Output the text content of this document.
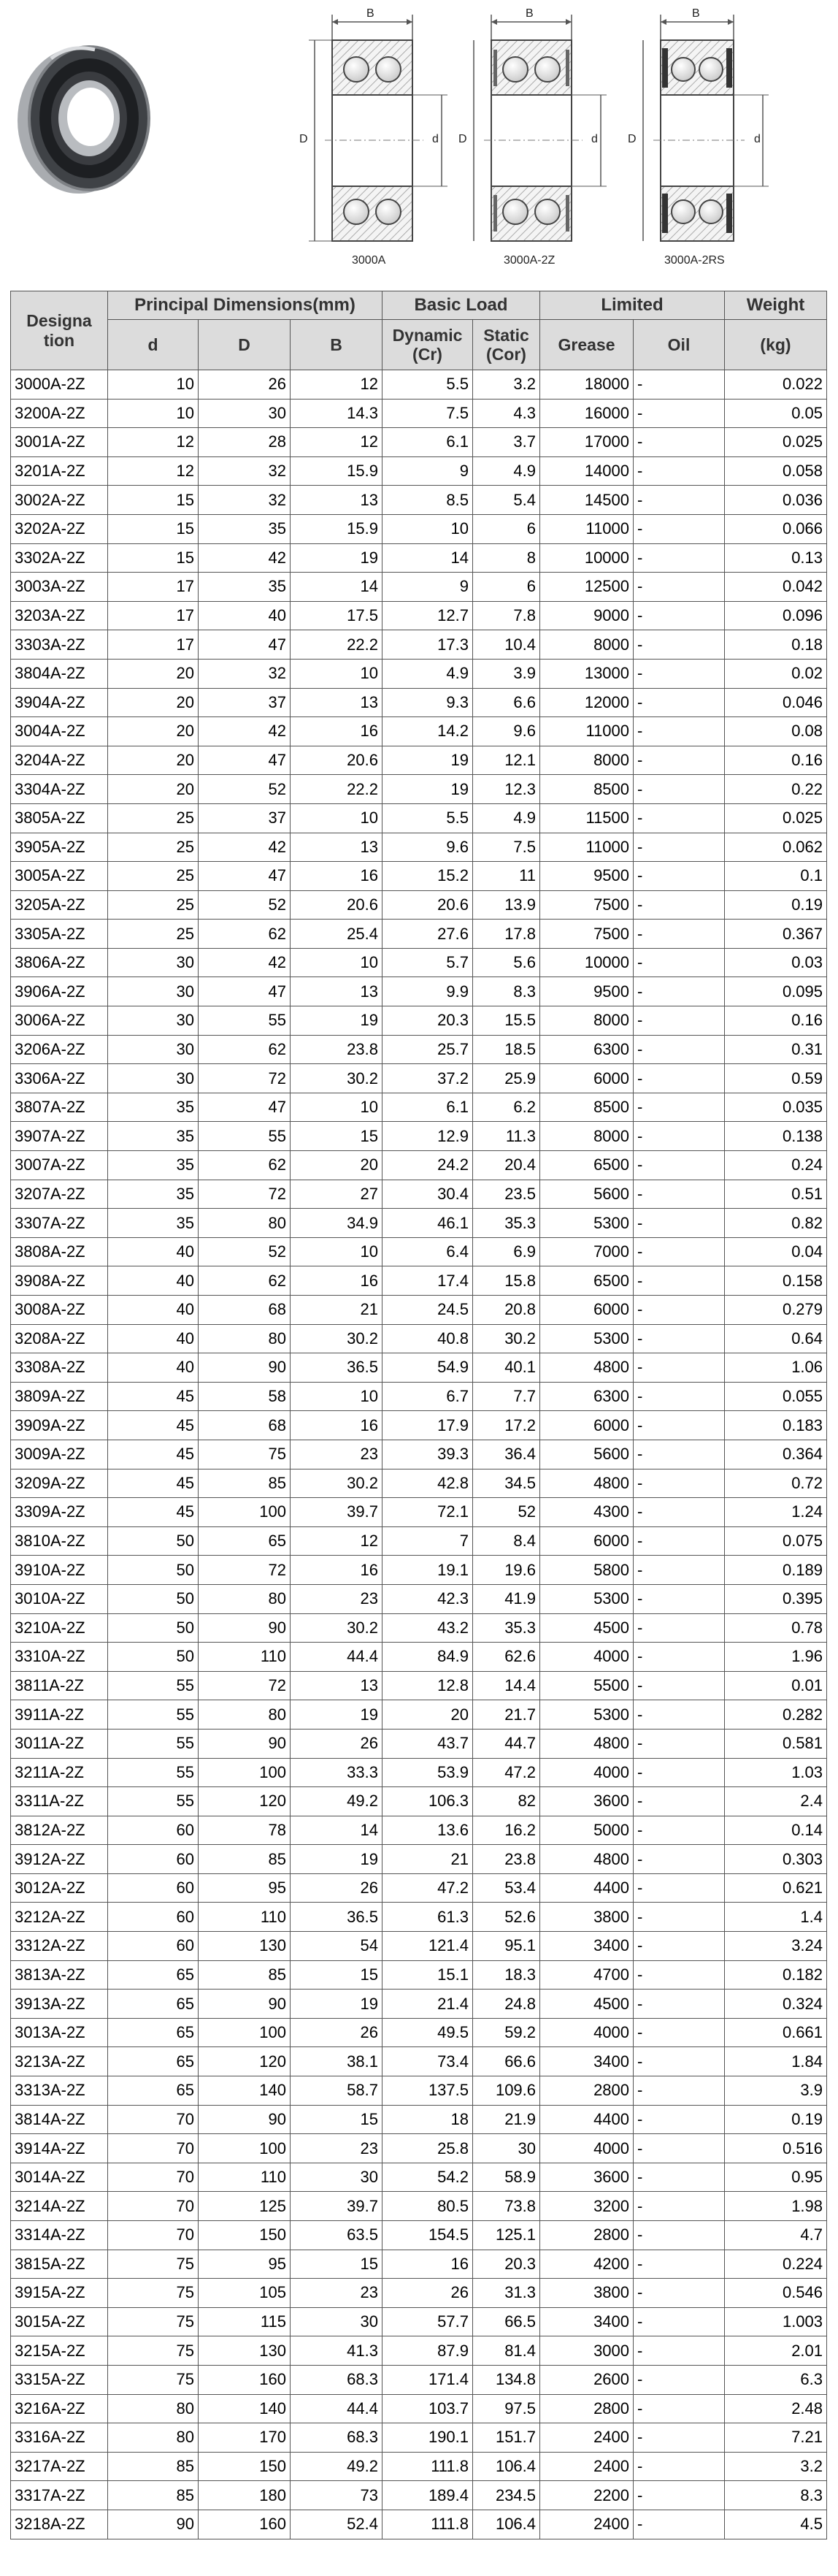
B
D	d
B
D	d
B
D	d
3000A	3000A-2Z	3000A-2RS
Designa tion	Principal Dimensions(mm)			Basic Load		Limited		Weight
	d	D	B	Dynamic (Cr)	Static (Cor)	Grease	Oil	(kg)
3000A-2Z	10	26	12	5.5	3.2	18000	-	0.022
3200A-2Z	10	30	14.3	7.5	4.3	16000	-	0.05
3001A-2Z	12	28	12	6.1	3.7	17000	-	0.025
3201A-2Z	12	32	15.9	9	4.9	14000	-	0.058
3002A-2Z	15	32	13	8.5	5.4	14500	-	0.036
3202A-2Z	15	35	15.9	10	6	11000	-	0.066
3302A-2Z	15	42	19	14	8	10000	-	0.13
3003A-2Z	17	35	14	9	6	12500	-	0.042
3203A-2Z	17	40	17.5	12.7	7.8	9000	-	0.096
3303A-2Z	17	47	22.2	17.3	10.4	8000	-	0.18
3804A-2Z	20	32	10	4.9	3.9	13000	-	0.02
3904A-2Z	20	37	13	9.3	6.6	12000	-	0.046
3004A-2Z	20	42	16	14.2	9.6	11000	-	0.08
3204A-2Z	20	47	20.6	19	12.1	8000	-	0.16
3304A-2Z	20	52	22.2	19	12.3	8500	-	0.22
3805A-2Z	25	37	10	5.5	4.9	11500	-	0.025
3905A-2Z	25	42	13	9.6	7.5	11000	-	0.062
3005A-2Z	25	47	16	15.2	11	9500	-	0.1
3205A-2Z	25	52	20.6	20.6	13.9	7500	-	0.19
3305A-2Z	25	62	25.4	27.6	17.8	7500	-	0.367
3806A-2Z	30	42	10	5.7	5.6	10000	-	0.03
3906A-2Z	30	47	13	9.9	8.3	9500	-	0.095
3006A-2Z	30	55	19	20.3	15.5	8000	-	0.16
3206A-2Z	30	62	23.8	25.7	18.5	6300	-	0.31
3306A-2Z	30	72	30.2	37.2	25.9	6000	-	0.59
3807A-2Z	35	47	10	6.1	6.2	8500	-	0.035
3907A-2Z	35	55	15	12.9	11.3	8000	-	0.138
3007A-2Z	35	62	20	24.2	20.4	6500	-	0.24
3207A-2Z	35	72	27	30.4	23.5	5600	-	0.51
3307A-2Z	35	80	34.9	46.1	35.3	5300	-	0.82
3808A-2Z	40	52	10	6.4	6.9	7000	-	0.04
3908A-2Z	40	62	16	17.4	15.8	6500	-	0.158
3008A-2Z	40	68	21	24.5	20.8	6000	-	0.279
3208A-2Z	40	80	30.2	40.8	30.2	5300	-	0.64
3308A-2Z	40	90	36.5	54.9	40.1	4800	-	1.06
3809A-2Z	45	58	10	6.7	7.7	6300	-	0.055
3909A-2Z	45	68	16	17.9	17.2	6000	-	0.183
3009A-2Z	45	75	23	39.3	36.4	5600	-	0.364
3209A-2Z	45	85	30.2	42.8	34.5	4800	-	0.72
3309A-2Z	45	100	39.7	72.1	52	4300	-	1.24
3810A-2Z	50	65	12	7	8.4	6000	-	0.075
3910A-2Z	50	72	16	19.1	19.6	5800	-	0.189
3010A-2Z	50	80	23	42.3	41.9	5300	-	0.395
3210A-2Z	50	90	30.2	43.2	35.3	4500	-	0.78
3310A-2Z	50	110	44.4	84.9	62.6	4000	-	1.96
3811A-2Z	55	72	13	12.8	14.4	5500	-	0.01
3911A-2Z	55	80	19	20	21.7	5300	-	0.282
3011A-2Z	55	90	26	43.7	44.7	4800	-	0.581
3211A-2Z	55	100	33.3	53.9	47.2	4000	-	1.03
3311A-2Z	55	120	49.2	106.3	82	3600	-	2.4
3812A-2Z	60	78	14	13.6	16.2	5000	-	0.14
3912A-2Z	60	85	19	21	23.8	4800	-	0.303
3012A-2Z	60	95	26	47.2	53.4	4400	-	0.621
3212A-2Z	60	110	36.5	61.3	52.6	3800	-	1.4
3312A-2Z	60	130	54	121.4	95.1	3400	-	3.24
3813A-2Z	65	85	15	15.1	18.3	4700	-	0.182
3913A-2Z	65	90	19	21.4	24.8	4500	-	0.324
3013A-2Z	65	100	26	49.5	59.2	4000	-	0.661
3213A-2Z	65	120	38.1	73.4	66.6	3400	-	1.84
3313A-2Z	65	140	58.7	137.5	109.6	2800	-	3.9
3814A-2Z	70	90	15	18	21.9	4400	-	0.19
3914A-2Z	70	100	23	25.8	30	4000	-	0.516
3014A-2Z	70	110	30	54.2	58.9	3600	-	0.95
3214A-2Z	70	125	39.7	80.5	73.8	3200	-	1.98
3314A-2Z	70	150	63.5	154.5	125.1	2800	-	4.7
3815A-2Z	75	95	15	16	20.3	4200	-	0.224
3915A-2Z	75	105	23	26	31.3	3800	-	0.546
3015A-2Z	75	115	30	57.7	66.5	3400	-	1.003
3215A-2Z	75	130	41.3	87.9	81.4	3000	-	2.01
3315A-2Z	75	160	68.3	171.4	134.8	2600	-	6.3
3216A-2Z	80	140	44.4	103.7	97.5	2800	-	2.48
3316A-2Z	80	170	68.3	190.1	151.7	2400	-	7.21
3217A-2Z	85	150	49.2	111.8	106.4	2400	-	3.2
3317A-2Z	85	180	73	189.4	234.5	2200	-	8.3
3218A-2Z	90	160	52.4	111.8	106.4	2400	-	4.5
